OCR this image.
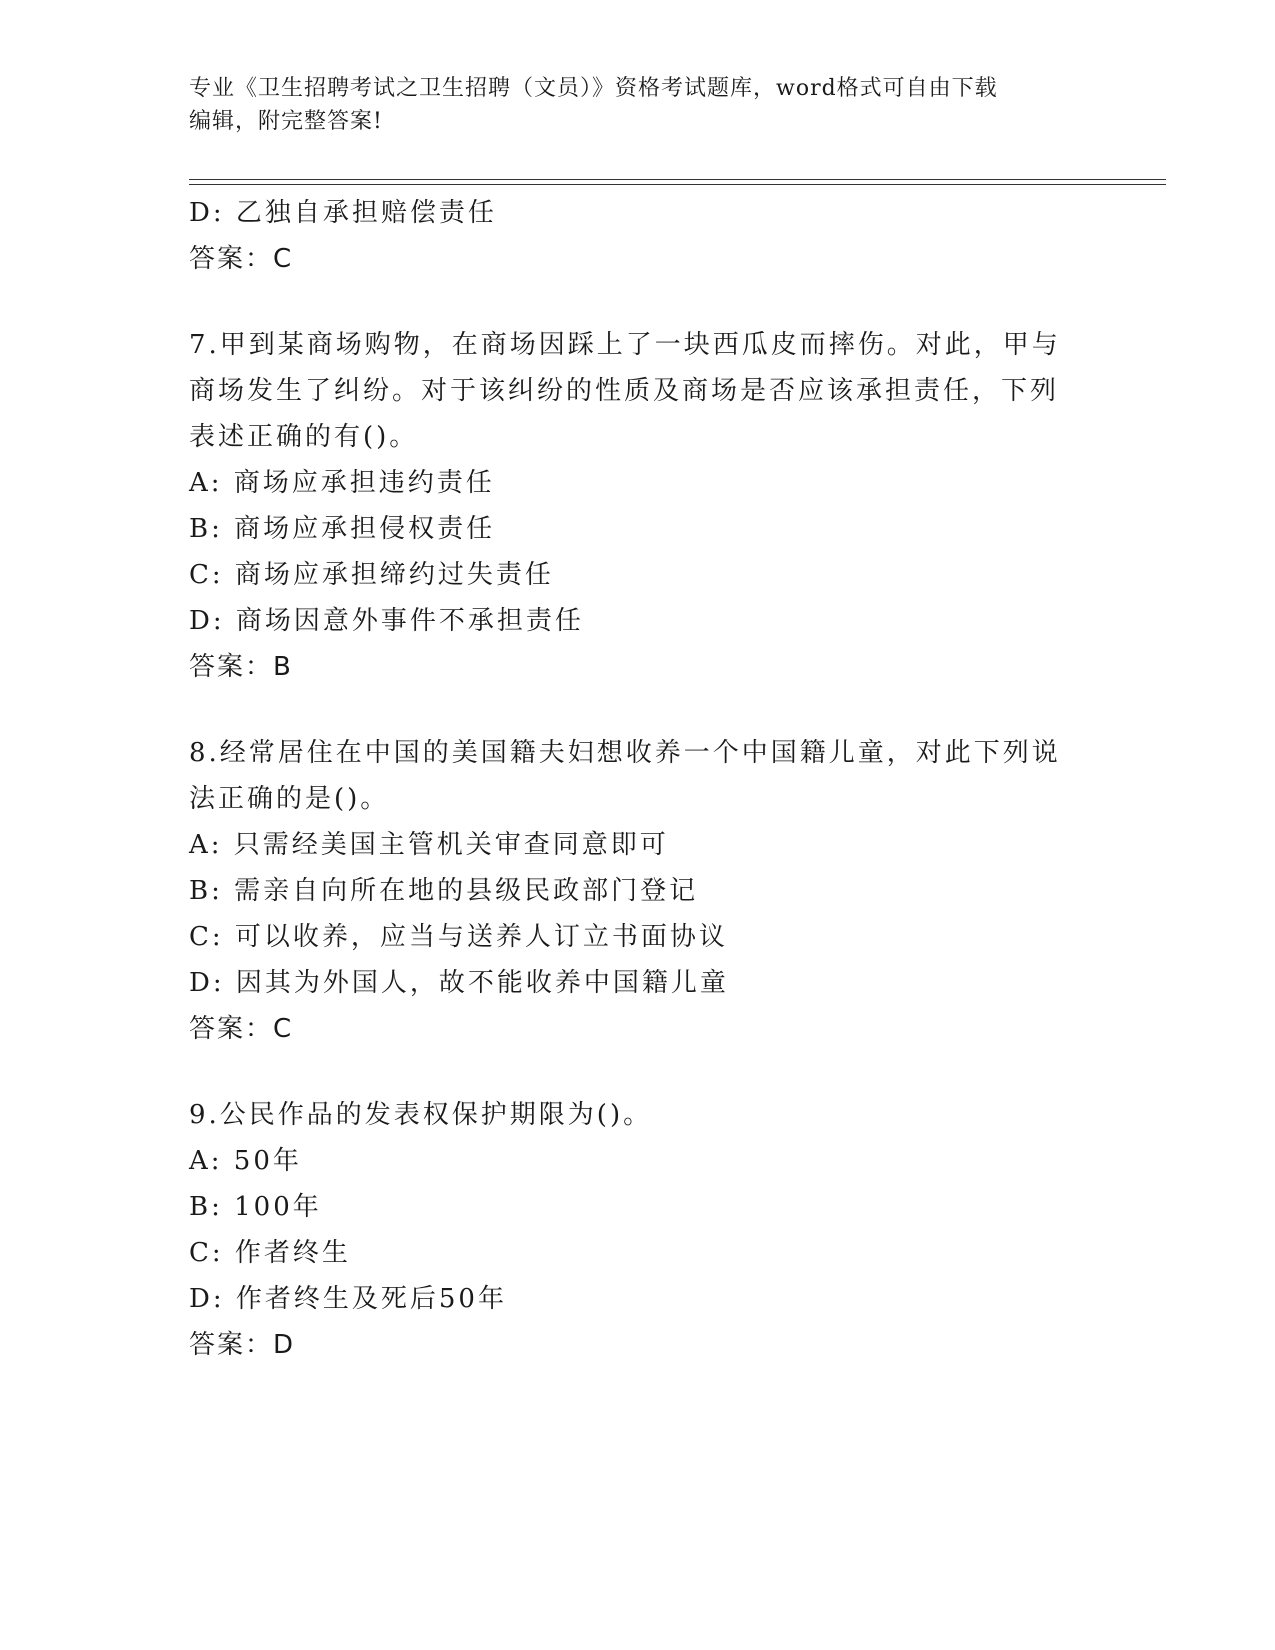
专业《卫生招聘考试之卫生招聘（文员）》资格考试题库，word格式可自由下载
编辑，附完整答案!
D: 乙独自承担赔偿责任
答案：C
7.甲到某商场购物，在商场因踩上了一块西瓜皮而摔伤。对此，甲与
商场发生了纠纷。对于该纠纷的性质及商场是否应该承担责任，下列
表述正确的有()。
A: 商场应承担违约责任
B: 商场应承担侵权责任
C: 商场应承担缔约过失责任
D: 商场因意外事件不承担责任
答案：B
8.经常居住在中国的美国籍夫妇想收养一个中国籍儿童，对此下列说
法正确的是()。
A: 只需经美国主管机关审查同意即可
B: 需亲自向所在地的县级民政部门登记
C: 可以收养，应当与送养人订立书面协议
D: 因其为外国人，故不能收养中国籍儿童
答案：C
9.公民作品的发表权保护期限为()。
A: 50年
B: 100年
C: 作者终生
D: 作者终生及死后50年
答案：D
